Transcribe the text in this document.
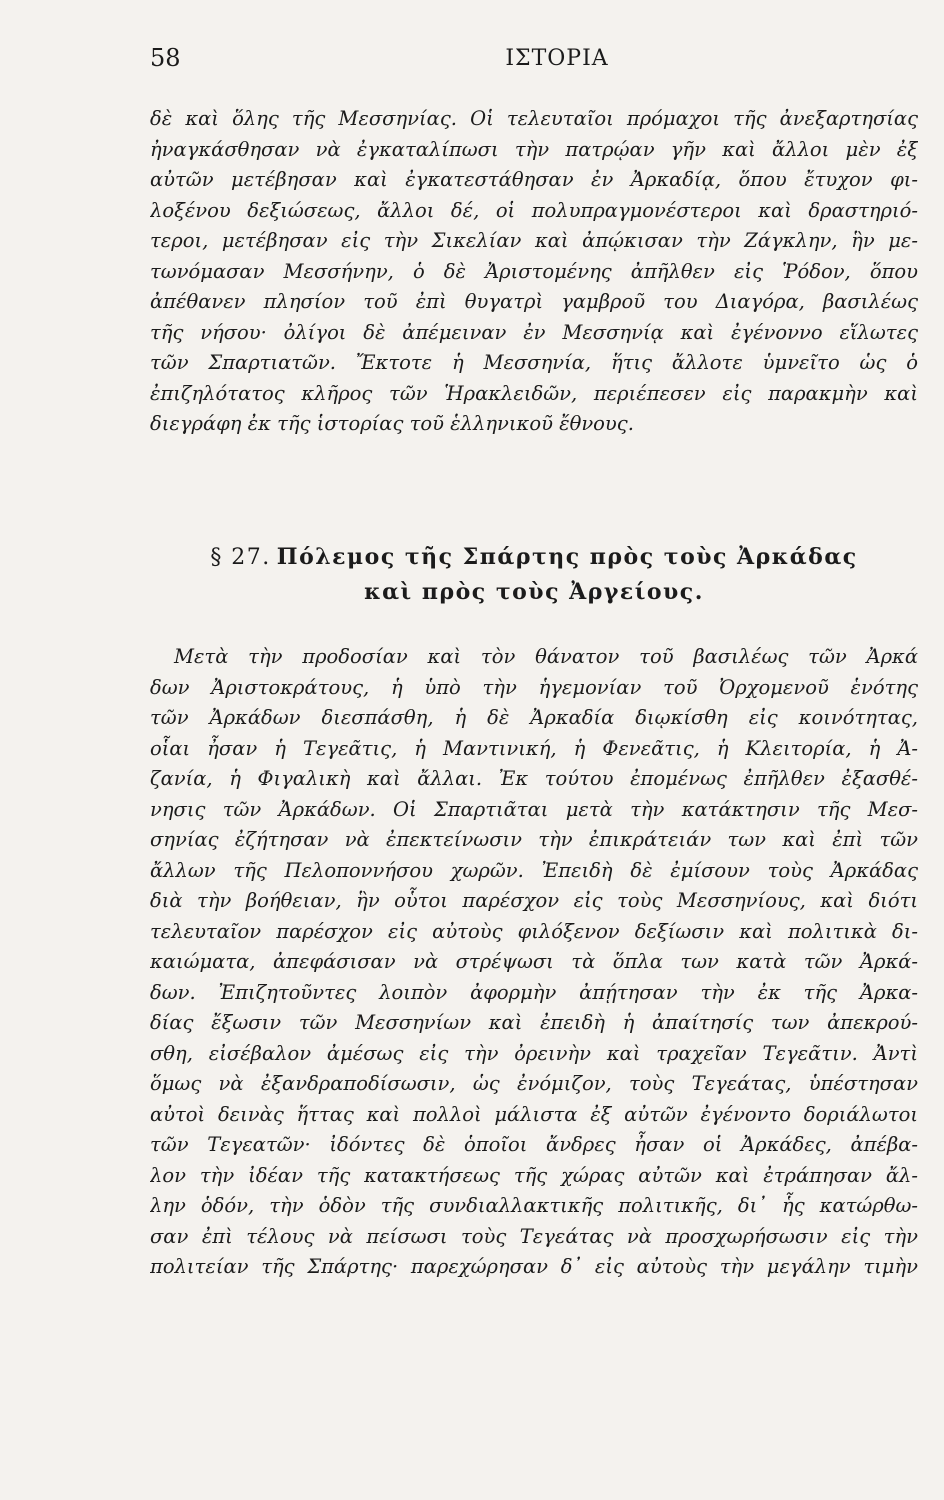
58	ΙΣΤΟΡΙΑ
δὲ καὶ ὅλης τῆς Μεσσηνίας. Οἱ τελευταῖοι πρόμαχοι τῆς ἀνεξαρτησίας
ἠναγκάσθησαν νὰ ἐγκαταλίπωσι τὴν πατρῴαν γῆν καὶ ἄλλοι μὲν ἐξ
αὐτῶν μετέβησαν καὶ ἐγκατεστάθησαν ἐν Ἀρκαδίᾳ, ὅπου ἔτυχον φι-
λοξένου δεξιώσεως, ἄλλοι δέ, οἱ πολυπραγμονέστεροι καὶ δραστηριό-
τεροι, μετέβησαν εἰς τὴν Σικελίαν καὶ ἀπῴκισαν τὴν Ζάγκλην, ἣν με-
τωνόμασαν Μεσσήνην, ὁ δὲ Ἀριστομένης ἀπῆλθεν εἰς Ῥόδον, ὅπου
ἀπέθανεν πλησίον τοῦ ἐπὶ θυγατρὶ γαμβροῦ του Διαγόρα, βασιλέως
τῆς νήσου· ὀλίγοι δὲ ἀπέμειναν ἐν Μεσσηνίᾳ καὶ ἐγένοννο εἵλωτες
τῶν Σπαρτιατῶν. Ἔκτοτε ἡ Μεσσηνία, ἥτις ἄλλοτε ὑμνεῖτο ὡς ὁ
ἐπιζηλότατος κλῆρος τῶν Ἡρακλειδῶν, περιέπεσεν εἰς παρακμὴν καὶ
διεγράφη ἐκ τῆς ἱστορίας τοῦ ἑλληνικοῦ ἔθνους.
§ 27. Πόλεμος τῆς Σπάρτης πρὸς τοὺς Ἀρκάδας
καὶ πρὸς τοὺς Ἀργείους.
Μετὰ τὴν προδοσίαν καὶ τὸν θάνατον τοῦ βασιλέως τῶν Ἀρκά
δων Ἀριστοκράτους, ἡ ὑπὸ τὴν ἡγεμονίαν τοῦ Ὀρχομενοῦ ἑνότης
τῶν Ἀρκάδων διεσπάσθη, ἡ δὲ Ἀρκαδία διῳκίσθη εἰς κοινότητας,
οἷαι ἦσαν ἡ Τεγεᾶτις, ἡ Μαντινική, ἡ Φενεᾶτις, ἡ Κλειτορία, ἡ Ἀ-
ζανία, ἡ Φιγαλικὴ καὶ ἄλλαι. Ἐκ τούτου ἐπομένως ἐπῆλθεν ἐξασθέ-
νησις τῶν Ἀρκάδων. Οἱ Σπαρτιᾶται μετὰ τὴν κατάκτησιν τῆς Μεσ-
σηνίας ἐζήτησαν νὰ ἐπεκτείνωσιν τὴν ἐπικράτειάν των καὶ ἐπὶ τῶν
ἄλλων τῆς Πελοποννήσου χωρῶν. Ἐπειδὴ δὲ ἐμίσουν τοὺς Ἀρκάδας
διὰ τὴν βοήθειαν, ἣν οὗτοι παρέσχον εἰς τοὺς Μεσσηνίους, καὶ διότι
τελευταῖον παρέσχον εἰς αὐτοὺς φιλόξενον δεξίωσιν καὶ πολιτικὰ δι-
καιώματα, ἀπεφάσισαν νὰ στρέψωσι τὰ ὅπλα των κατὰ τῶν Ἀρκά-
δων. Ἐπιζητοῦντες λοιπὸν ἀφορμὴν ἀπῄτησαν τὴν ἐκ τῆς Ἀρκα-
δίας ἔξωσιν τῶν Μεσσηνίων καὶ ἐπειδὴ ἡ ἀπαίτησίς των ἀπεκρού-
σθη, εἰσέβαλον ἀμέσως εἰς τὴν ὀρεινὴν καὶ τραχεῖαν Τεγεᾶτιν. Ἀντὶ
ὅμως νὰ ἐξανδραποδίσωσιν, ὡς ἐνόμιζον, τοὺς Τεγεάτας, ὑπέστησαν
αὐτοὶ δεινὰς ἥττας καὶ πολλοὶ μάλιστα ἐξ αὐτῶν ἐγένοντο δοριάλωτοι
τῶν Τεγεατῶν· ἰδόντες δὲ ὁποῖοι ἄνδρες ἦσαν οἱ Ἀρκάδες, ἀπέβα-
λον τὴν ἰδέαν τῆς κατακτήσεως τῆς χώρας αὐτῶν καὶ ἐτράπησαν ἄλ-
λην ὁδόν, τὴν ὁδὸν τῆς συνδιαλλακτικῆς πολιτικῆς, δι᾿ ἧς κατώρθω-
σαν ἐπὶ τέλους νὰ πείσωσι τοὺς Τεγεάτας νὰ προσχωρήσωσιν εἰς τὴν
πολιτείαν τῆς Σπάρτης· παρεχώρησαν δ᾿ εἰς αὐτοὺς τὴν μεγάλην τιμὴν
